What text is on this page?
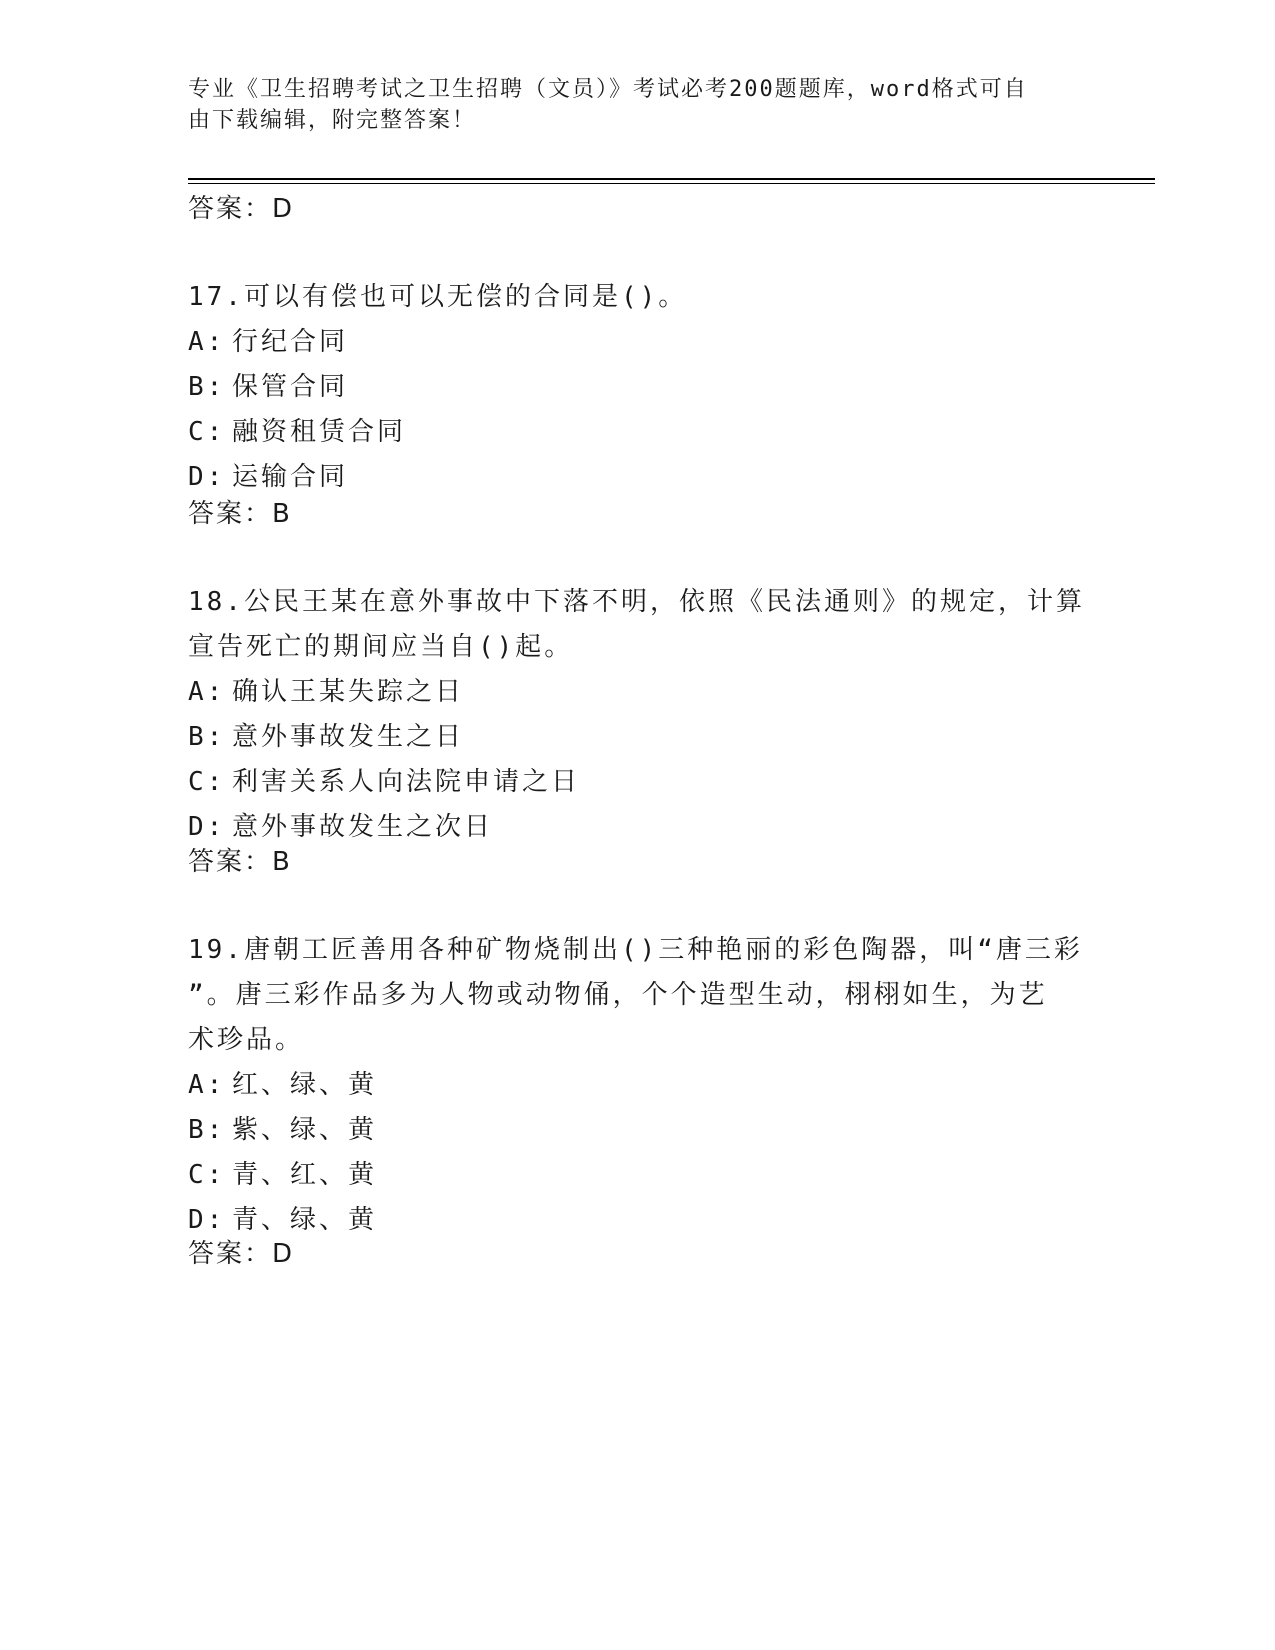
专业《卫生招聘考试之卫生招聘（文员）》考试必考200题题库，word格式可自
由下载编辑，附完整答案！
答案：D
17.可以有偿也可以无偿的合同是()。
A: 行纪合同
B: 保管合同
C: 融资租赁合同
D: 运输合同
答案：B
18.公民王某在意外事故中下落不明，依照《民法通则》的规定，计算
宣告死亡的期间应当自()起。
A: 确认王某失踪之日
B: 意外事故发生之日
C: 利害关系人向法院申请之日
D: 意外事故发生之次日
答案：B
19.唐朝工匠善用各种矿物烧制出()三种艳丽的彩色陶器，叫“唐三彩
”。唐三彩作品多为人物或动物俑，个个造型生动，栩栩如生，为艺
术珍品。
A: 红、绿、黄
B: 紫、绿、黄
C: 青、红、黄
D: 青、绿、黄
答案：D
